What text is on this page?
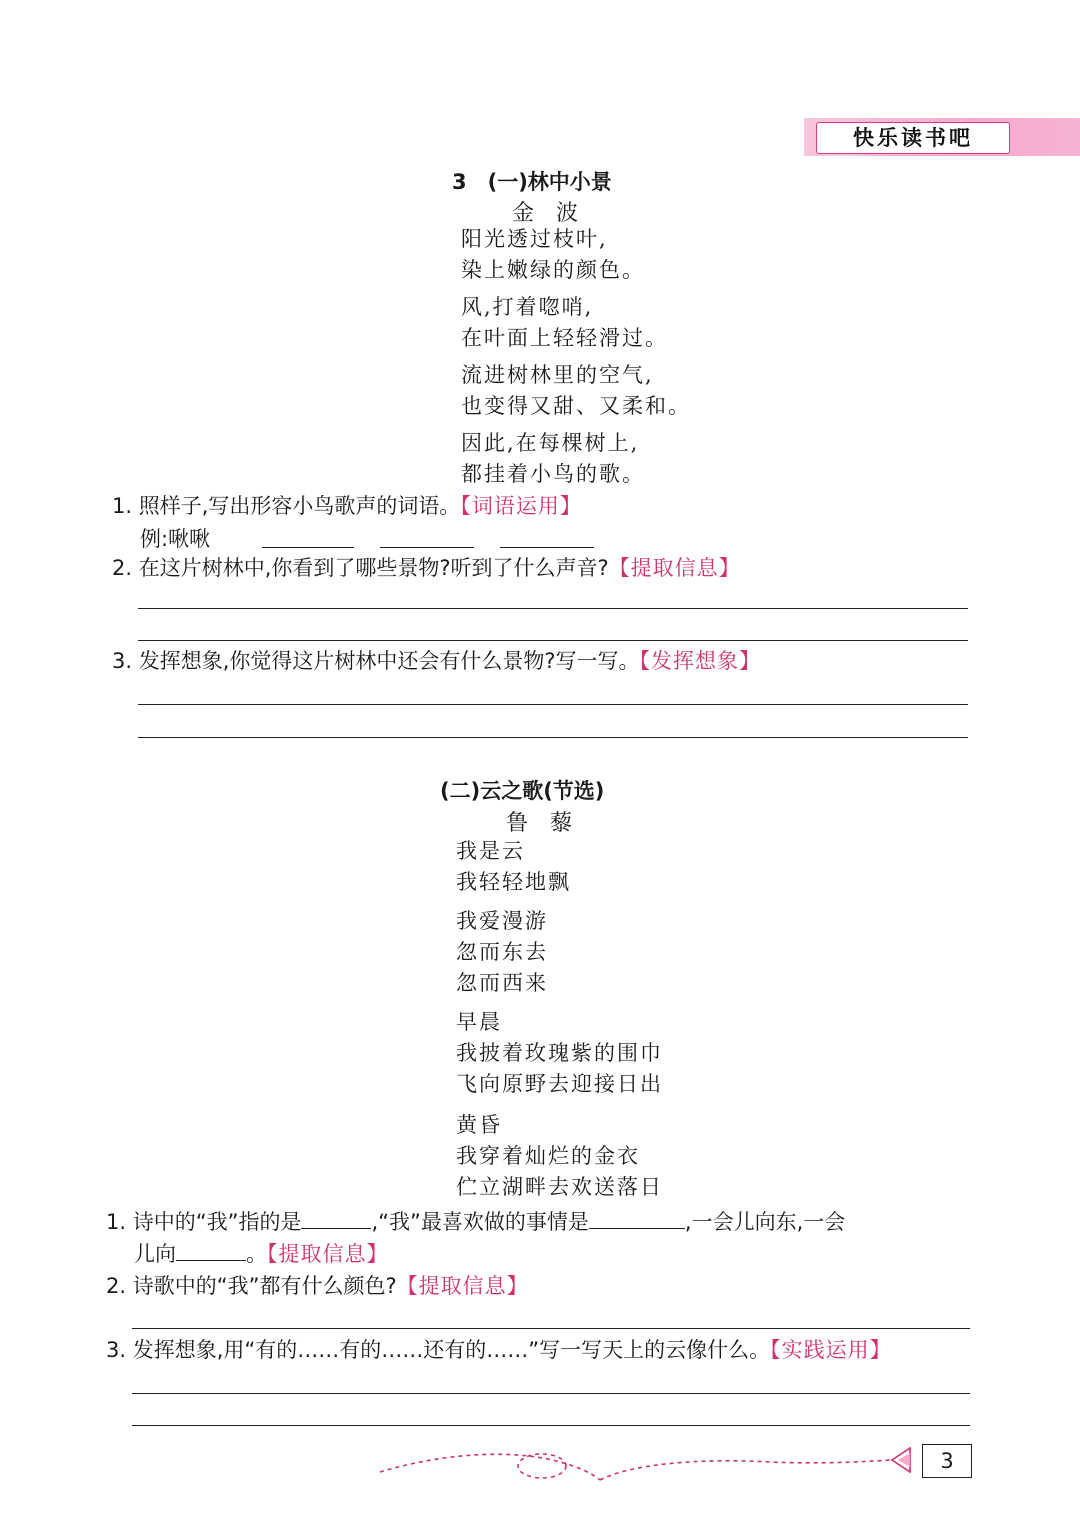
快乐读书吧
3　(一)林中小景
金　波
阳光透过枝叶,
染上嫩绿的颜色。
风,打着唿哨,
在叶面上轻轻滑过。
流进树林里的空气,
也变得又甜、又柔和。
因此,在每棵树上,
都挂着小鸟的歌。
1. 照样子,写出形容小鸟歌声的词语。【词语运用】
例:啾啾
2. 在这片树林中,你看到了哪些景物?听到了什么声音?【提取信息】
3. 发挥想象,你觉得这片树林中还会有什么景物?写一写。【发挥想象】
(二)云之歌(节选)
鲁　藜
我是云
我轻轻地飘
我爱漫游
忽而东去
忽而西来
早晨
我披着玫瑰紫的围巾
飞向原野去迎接日出
黄昏
我穿着灿烂的金衣
伫立湖畔去欢送落日
1. 诗中的“我”指的是	,“我”最喜欢做的事情是	,一会儿向东,一会
儿向	。【提取信息】
2. 诗歌中的“我”都有什么颜色?【提取信息】
3. 发挥想象,用“有的……有的……还有的……”写一写天上的云像什么。【实践运用】
3
